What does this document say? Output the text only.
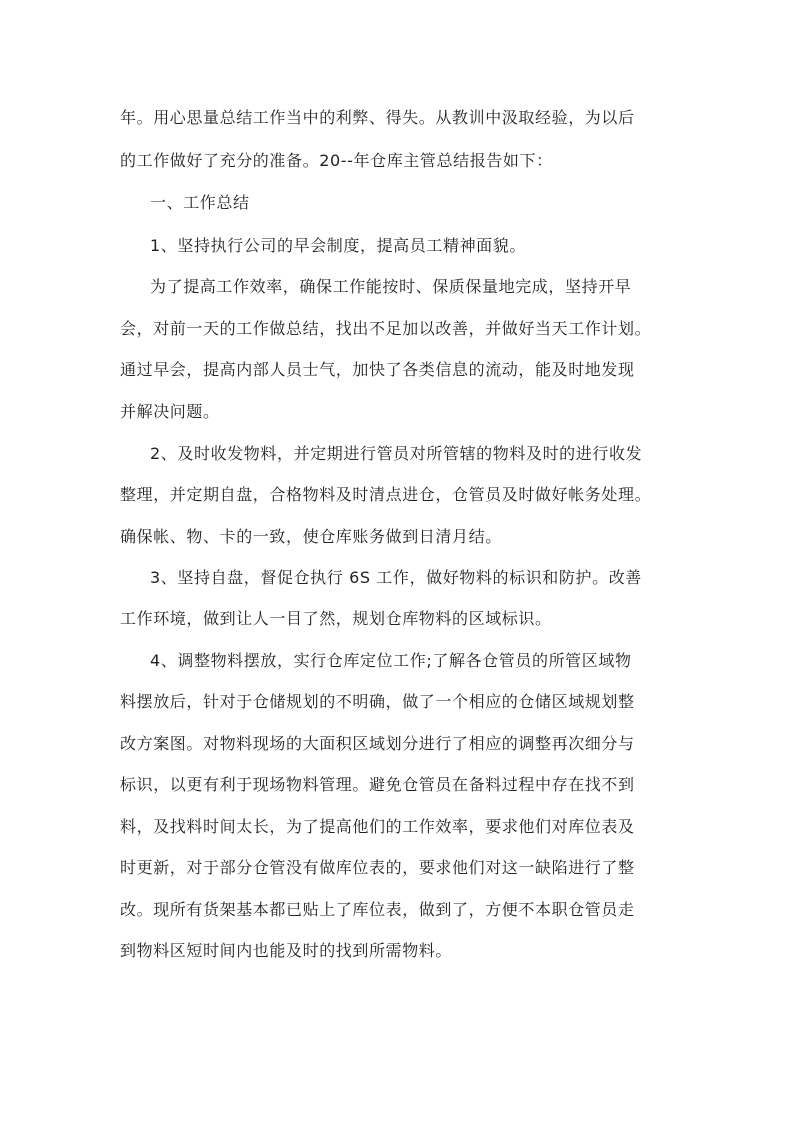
年。用心思量总结工作当中的利弊、得失。从教训中汲取经验，为以后
的工作做好了充分的准备。20--年仓库主管总结报告如下：
一、工作总结
1、坚持执行公司的早会制度，提高员工精神面貌。
为了提高工作效率，确保工作能按时、保质保量地完成，坚持开早
会，对前一天的工作做总结，找出不足加以改善，并做好当天工作计划。
通过早会，提高内部人员士气，加快了各类信息的流动，能及时地发现
并解决问题。
2、及时收发物料，并定期进行管员对所管辖的物料及时的进行收发
整理，并定期自盘，合格物料及时清点进仓，仓管员及时做好帐务处理。
确保帐、物、卡的一致，使仓库账务做到日清月结。
3、坚持自盘，督促仓执行 6S 工作，做好物料的标识和防护。改善
工作环境，做到让人一目了然，规划仓库物料的区域标识。
4、调整物料摆放，实行仓库定位工作;了解各仓管员的所管区域物
料摆放后，针对于仓储规划的不明确，做了一个相应的仓储区域规划整
改方案图。对物料现场的大面积区域划分进行了相应的调整再次细分与
标识，以更有利于现场物料管理。避免仓管员在备料过程中存在找不到
料，及找料时间太长，为了提高他们的工作效率，要求他们对库位表及
时更新，对于部分仓管没有做库位表的，要求他们对这一缺陷进行了整
改。现所有货架基本都已贴上了库位表，做到了，方便不本职仓管员走
到物料区短时间内也能及时的找到所需物料。
